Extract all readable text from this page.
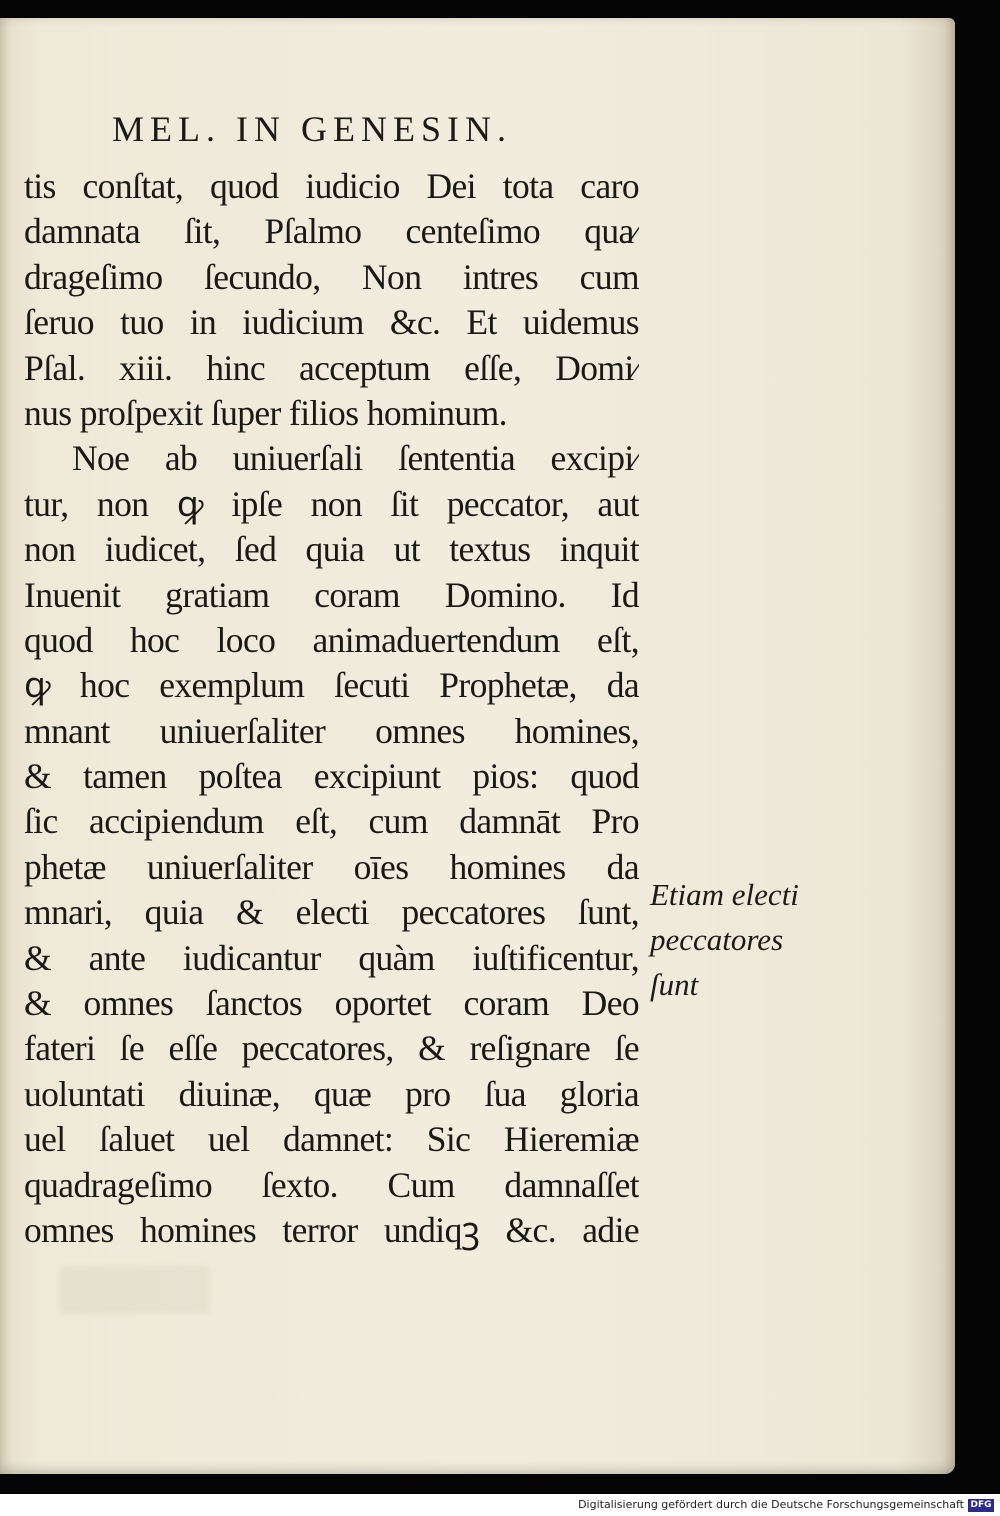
MEL. IN GENESIN.
tis conſtat, quod iudicio Dei tota caro
damnata ſit, Pſalmo centeſimo qua⁄
drageſimo ſecundo, Non intres cum
ſeruo tuo in iudicium &c. Et uidemus
Pſal. xiii. hinc acceptum eſſe, Domi⁄
nus proſpexit ſuper filios hominum.
Noe ab uniuerſali ſententia excipi⁄
tur, non ꝙ ipſe non ſit peccator, aut
non iudicet, ſed quia ut textus inquit
Inuenit gratiam coram Domino. Id
quod hoc loco animaduertendum eſt,
ꝙ hoc exemplum ſecuti Prophetæ, da
mnant uniuerſaliter omnes homines,
& tamen poſtea excipiunt pios: quod
ſic accipiendum eſt, cum damnāt Pro
phetæ uniuerſaliter oīes homines da
mnari, quia & electi peccatores ſunt,
& ante iudicantur quàm iuſtificentur,
& omnes ſanctos oportet coram Deo
fateri ſe eſſe peccatores, & reſignare ſe
uoluntati diuinæ, quæ pro ſua gloria
uel ſaluet uel damnet: Sic Hieremiæ
quadrageſimo ſexto. Cum damnaſſet
omnes homines terror undiqꝫ &c. adie
Etiam electi
peccatores
ſunt
Digitalisierung gefördert durch die Deutsche Forschungsgemeinschaft DFG
